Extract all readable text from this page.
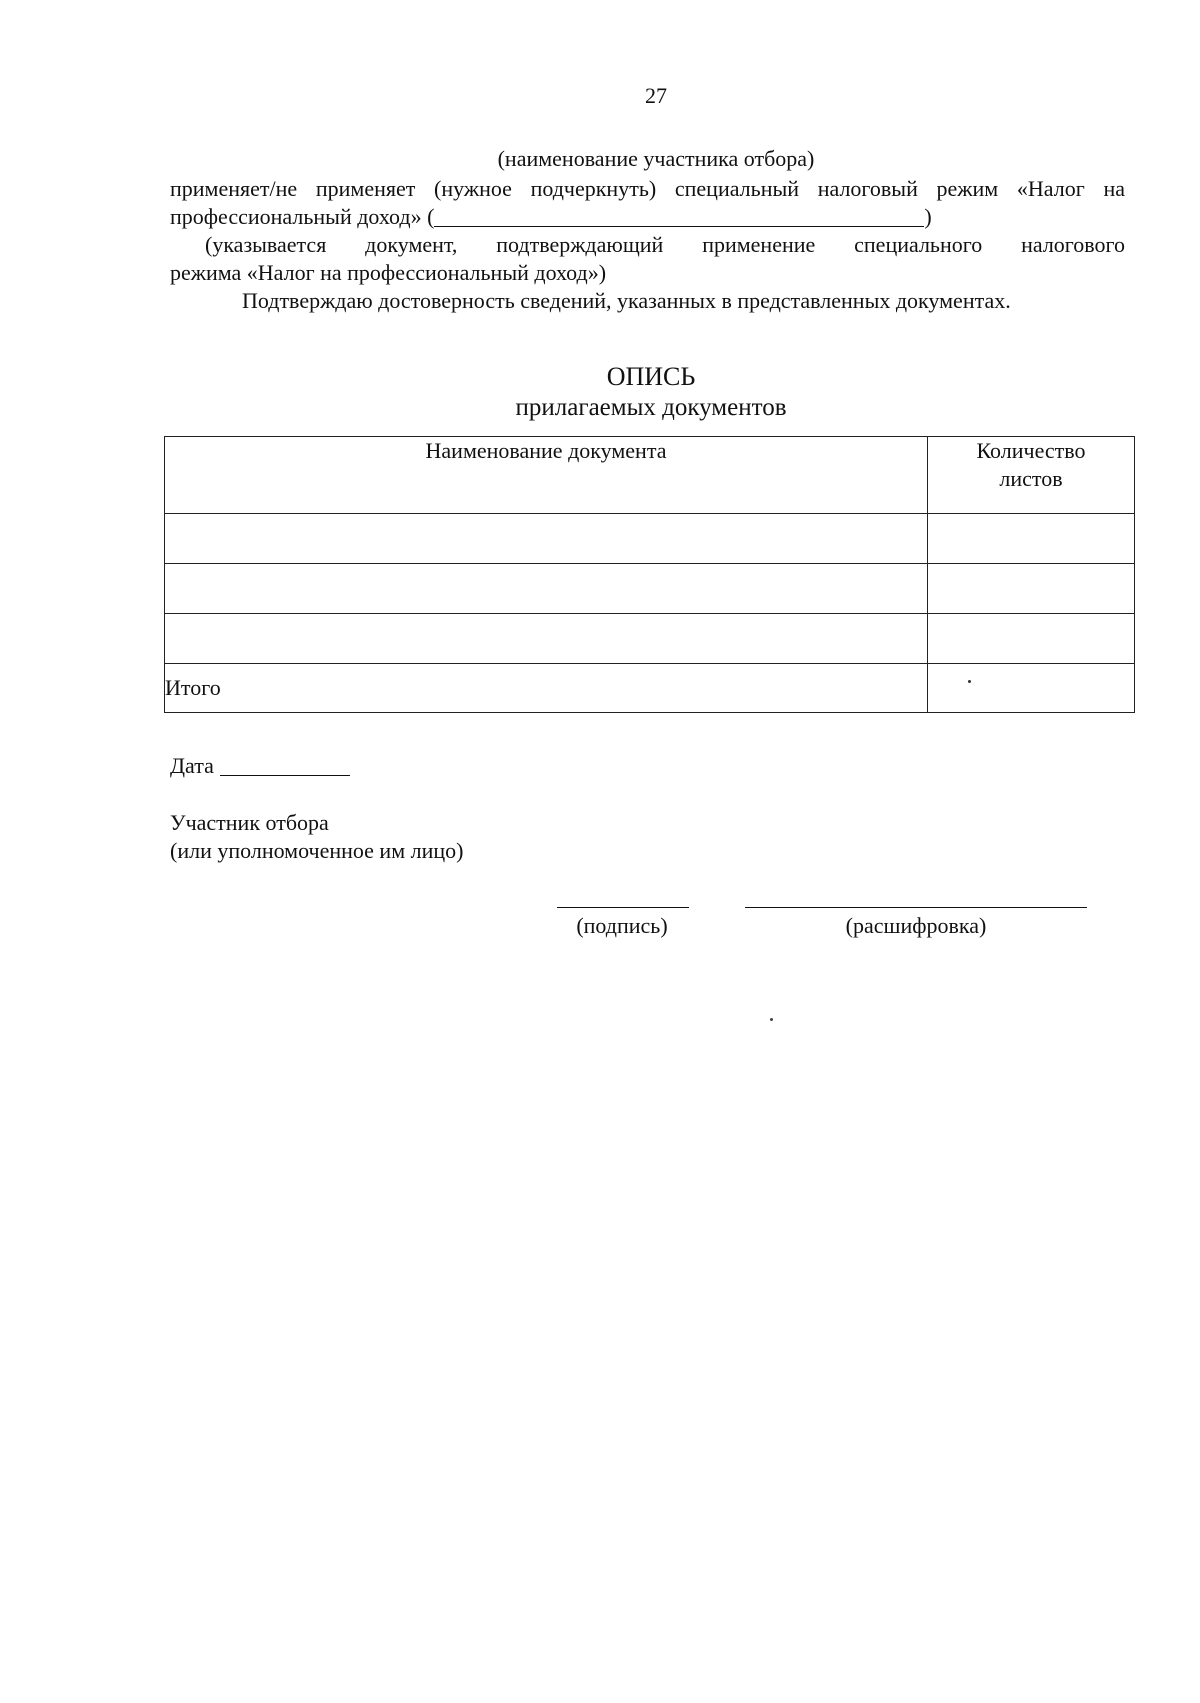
27
(наименование участника отбора)
применяет/не применяет (нужное подчеркнуть) специальный налоговый режим «Налог на
профессиональный доход» (	)
(указывается документ, подтверждающий применение специального налогового
режима «Налог на профессиональный доход»)
Подтверждаю достоверность сведений, указанных в представленных документах.
ОПИСЬ
прилагаемых документов
Наименование документа	Количество
листов

Итого	
Дата
Участник отбора
(или уполномоченное им лицо)
(подпись)	(расшифровка)
